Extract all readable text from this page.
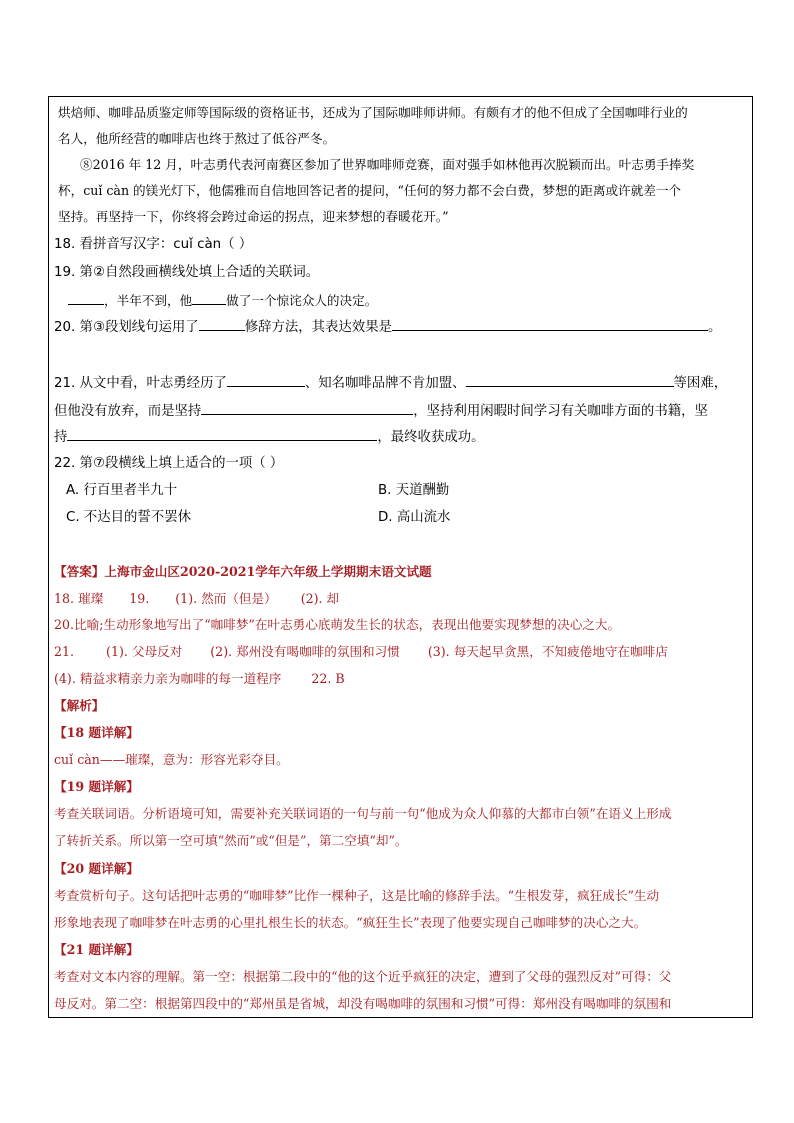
烘焙师、咖啡品质鉴定师等国际级的资格证书，还成为了国际咖啡师讲师。有颇有才的他不但成了全国咖啡行业的
名人，他所经营的咖啡店也终于熬过了低谷严冬。
⑧2016 年 12 月，叶志勇代表河南赛区参加了世界咖啡师竞赛，面对强手如林他再次脱颖而出。叶志勇手捧奖
杯，cuǐ càn 的镁光灯下，他儒雅而自信地回答记者的提问，“任何的努力都不会白费，梦想的距离或许就差一个
坚持。再坚持一下，你终将会跨过命运的拐点，迎来梦想的春暖花开。”
18. 看拼音写汉字：cuǐ càn（ ）
19. 第②自然段画横线处填上合适的关联词。
，半年不到，他	做了一个惊诧众人的决定。
20. 第③段划线句运用了	修辞方法，其表达效果是	。
21. 从文中看，叶志勇经历了	、知名咖啡品牌不肯加盟、	等困难，
但他没有放弃，而是坚持	，坚持利用闲暇时间学习有关咖啡方面的书籍，坚
持	，最终收获成功。
22. 第⑦段横线上填上适合的一项（ ）
A. 行百里者半九十	B. 天道酬勤
C. 不达目的誓不罢休	D. 高山流水
【答案】上海市金山区2020-2021学年六年级上学期期末语文试题
18. 璀璨 19. (1). 然而（但是） (2). 却
20.比喻;生动形象地写出了“咖啡梦”在叶志勇心底萌发生长的状态，表现出他要实现梦想的决心之大。
21.	(1). 父母反对 (2). 郑州没有喝咖啡的氛围和习惯 (3). 每天起早贪黑，不知疲倦地守在咖啡店
(4). 精益求精亲力亲为咖啡的每一道程序 22. B
【解析】
【18 题详解】
cuǐ càn——璀璨，意为：形容光彩夺目。
【19 题详解】
考查关联词语。分析语境可知，需要补充关联词语的一句与前一句“他成为众人仰慕的大都市白领”在语义上形成
了转折关系。所以第一空可填“然而”或“但是”，第二空填“却”。
【20 题详解】
考查赏析句子。这句话把叶志勇的“咖啡梦”比作一棵种子，这是比喻的修辞手法。“生根发芽，疯狂成长”生动
形象地表现了咖啡梦在叶志勇的心里扎根生长的状态。“疯狂生长”表现了他要实现自己咖啡梦的决心之大。
【21 题详解】
考查对文本内容的理解。第一空：根据第二段中的“他的这个近乎疯狂的决定，遭到了父母的强烈反对”可得：父
母反对。第二空：根据第四段中的“郑州虽是省城，却没有喝咖啡的氛围和习惯”可得：郑州没有喝咖啡的氛围和
